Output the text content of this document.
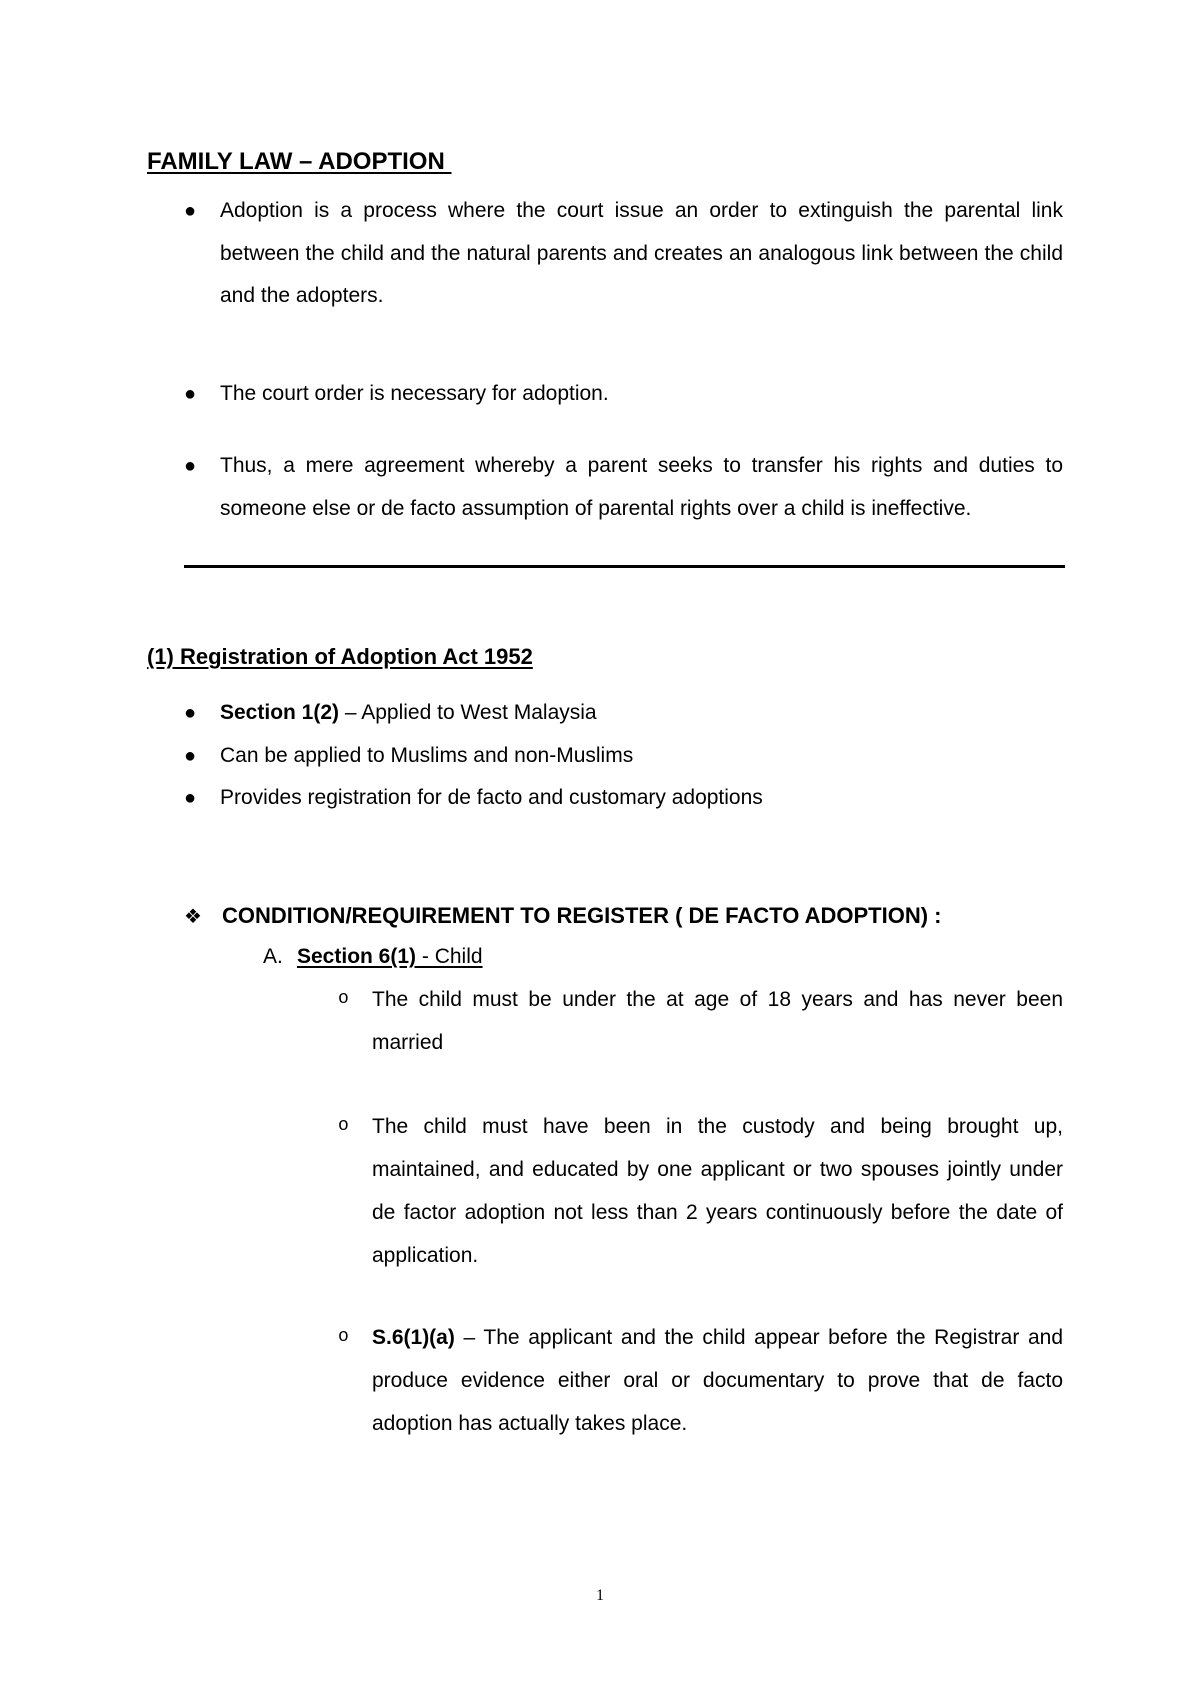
FAMILY LAW – ADOPTION
● Adoption is a process where the court issue an order to extinguish the parental link between the child and the natural parents and creates an analogous link between the child and the adopters.
● The court order is necessary for adoption.
● Thus, a mere agreement whereby a parent seeks to transfer his rights and duties to someone else or de facto assumption of parental rights over a child is ineffective.
(1) Registration of Adoption Act 1952
● Section 1(2) – Applied to West Malaysia
● Can be applied to Muslims and non-Muslims
● Provides registration for de facto and customary adoptions
❖ CONDITION/REQUIREMENT TO REGISTER ( DE FACTO ADOPTION) :
A. Section 6(1) - Child
o The child must be under the at age of 18 years and has never been married
o The child must have been in the custody and being brought up, maintained, and educated by one applicant or two spouses jointly under de factor adoption not less than 2 years continuously before the date of application.
o S.6(1)(a) – The applicant and the child appear before the Registrar and produce evidence either oral or documentary to prove that de facto adoption has actually takes place.
1
